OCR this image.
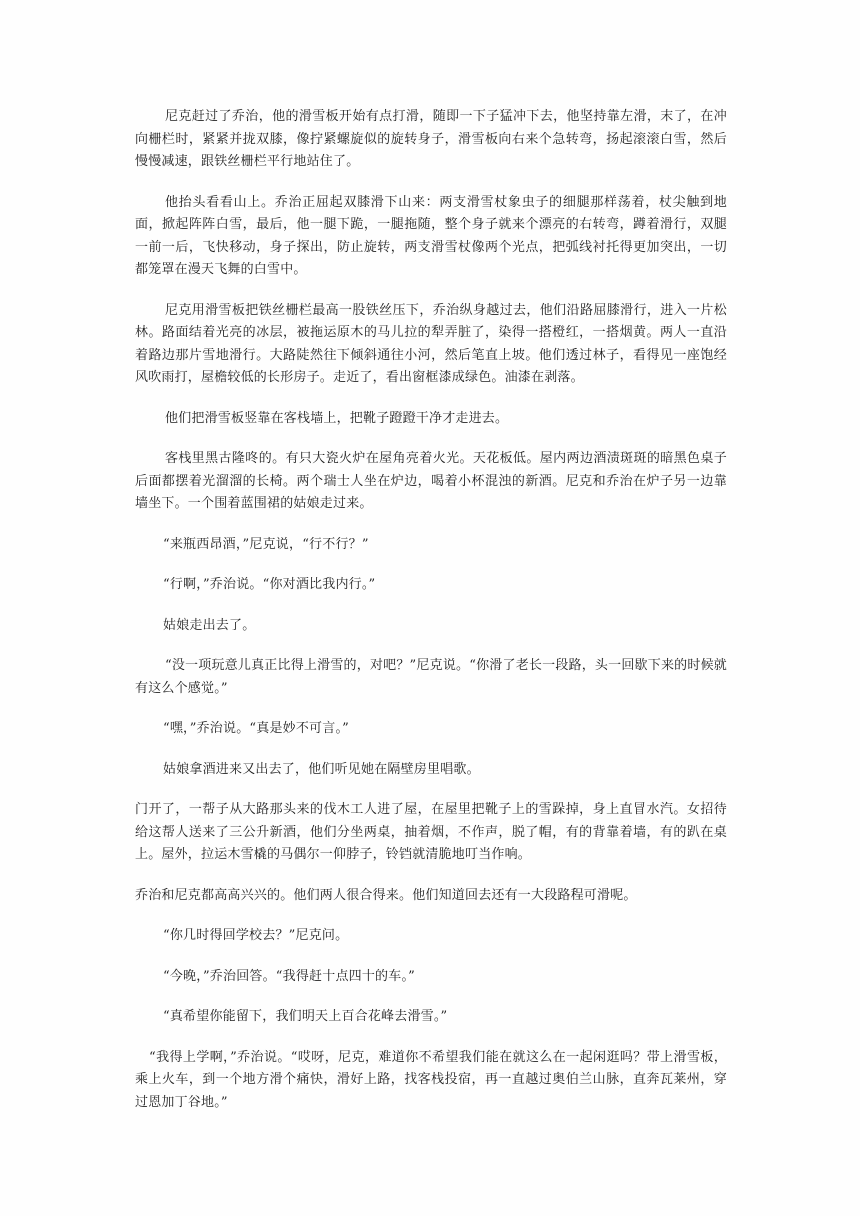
尼克赶过了乔治，他的滑雪板开始有点打滑，随即一下子猛冲下去，他坚持靠左滑，末了，在冲向栅栏时，紧紧并拢双膝，像拧紧螺旋似的旋转身子，滑雪板向右来个急转弯，扬起滚滚白雪，然后慢慢减速，跟铁丝栅栏平行地站住了。

他抬头看看山上。乔治正屈起双膝滑下山来：两支滑雪杖象虫子的细腿那样荡着，杖尖触到地面，掀起阵阵白雪，最后，他一腿下跪，一腿拖随，整个身子就来个漂亮的右转弯，蹲着滑行，双腿一前一后，飞快移动，身子探出，防止旋转，两支滑雪杖像两个光点，把弧线衬托得更加突出，一切都笼罩在漫天飞舞的白雪中。

尼克用滑雪板把铁丝栅栏最高一股铁丝压下，乔治纵身越过去，他们沿路屈膝滑行，进入一片松林。路面结着光亮的冰层，被拖运原木的马儿拉的犁弄脏了，染得一搭橙红，一搭烟黄。两人一直沿着路边那片雪地滑行。大路陡然往下倾斜通往小河，然后笔直上坡。他们透过林子，看得见一座饱经风吹雨打，屋檐较低的长形房子。走近了，看出窗框漆成绿色。油漆在剥落。

他们把滑雪板竖靠在客栈墙上，把靴子蹬蹬干净才走进去。

客栈里黑古隆咚的。有只大瓷火炉在屋角亮着火光。天花板低。屋内两边酒渍斑斑的暗黑色桌子后面都摆着光溜溜的长椅。两个瑞士人坐在炉边，喝着小杯混浊的新酒。尼克和乔治在炉子另一边靠墙坐下。一个围着蓝围裙的姑娘走过来。

“来瓶西昂酒，”尼克说，“行不行？”

“行啊，”乔治说。“你对酒比我内行。”

姑娘走出去了。

“没一项玩意儿真正比得上滑雪的，对吧？”尼克说。“你滑了老长一段路，头一回歇下来的时候就有这么个感觉。”

“嘿，”乔治说。“真是妙不可言。”

姑娘拿酒进来又出去了，他们听见她在隔壁房里唱歌。

门开了，一帮子从大路那头来的伐木工人进了屋，在屋里把靴子上的雪跺掉，身上直冒水汽。女招待给这帮人送来了三公升新酒，他们分坐两桌，抽着烟，不作声，脱了帽，有的背靠着墙，有的趴在桌上。屋外，拉运木雪橇的马偶尔一仰脖子，铃铛就清脆地叮当作响。

乔治和尼克都高高兴兴的。他们两人很合得来。他们知道回去还有一大段路程可滑呢。

“你几时得回学校去？”尼克问。

“今晚，”乔治回答。“我得赶十点四十的车。”

“真希望你能留下，我们明天上百合花峰去滑雪。”

“我得上学啊，”乔治说。“哎呀，尼克，难道你不希望我们能在就这么在一起闲逛吗？带上滑雪板，乘上火车，到一个地方滑个痛快，滑好上路，找客栈投宿，再一直越过奥伯兰山脉，直奔瓦莱州，穿过恩加丁谷地。”
